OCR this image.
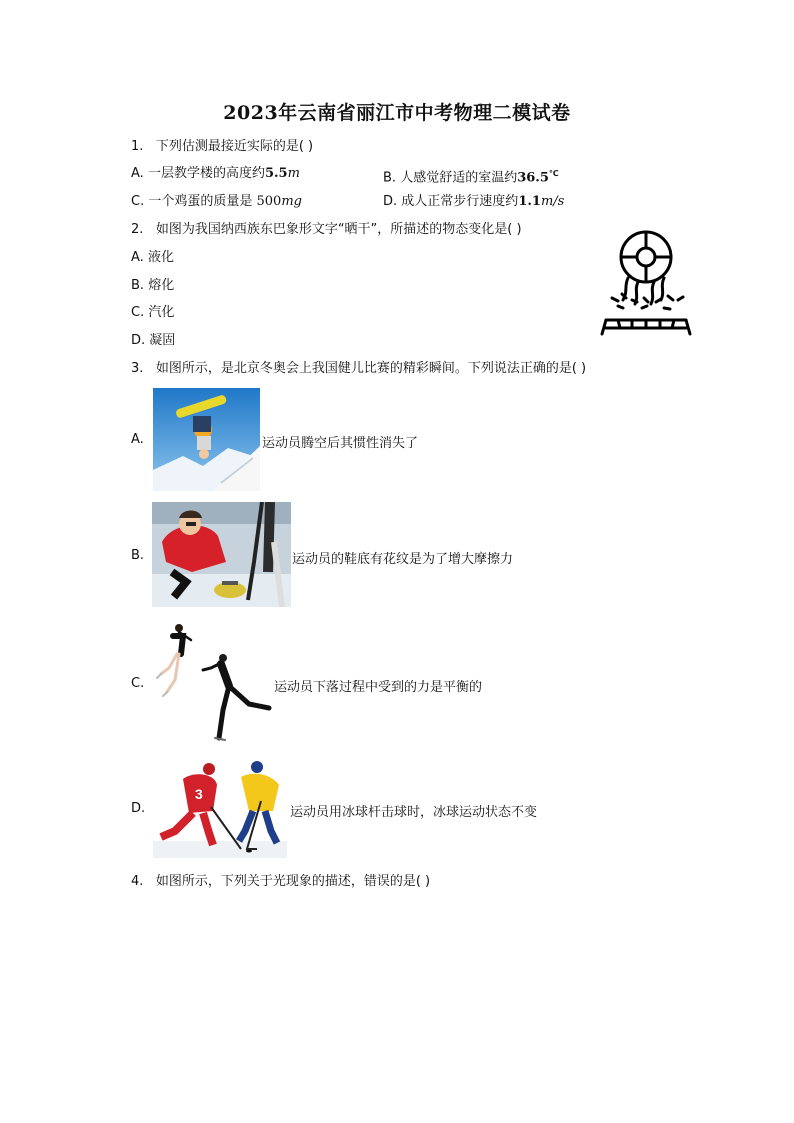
2023年云南省丽江市中考物理二模试卷
1. 下列估测最接近实际的是( )
A. 一层教学楼的高度约5.5m	B. 人感觉舒适的室温约36.5℃
C. 一个鸡蛋的质量是 500mg	D. 成人正常步行速度约1.1m/s
2. 如图为我国纳西族东巴象形文字“晒干”，所描述的物态变化是( )
A. 液化
B. 熔化
C. 汽化
D. 凝固
3. 如图所示，是北京冬奥会上我国健儿比赛的精彩瞬间。下列说法正确的是( )
A.	运动员腾空后其惯性消失了
B.	运动员的鞋底有花纹是为了增大摩擦力
C.	运动员下落过程中受到的力是平衡的
D.
3
运动员用冰球杆击球时，冰球运动状态不变
4. 如图所示，下列关于光现象的描述，错误的是( )
